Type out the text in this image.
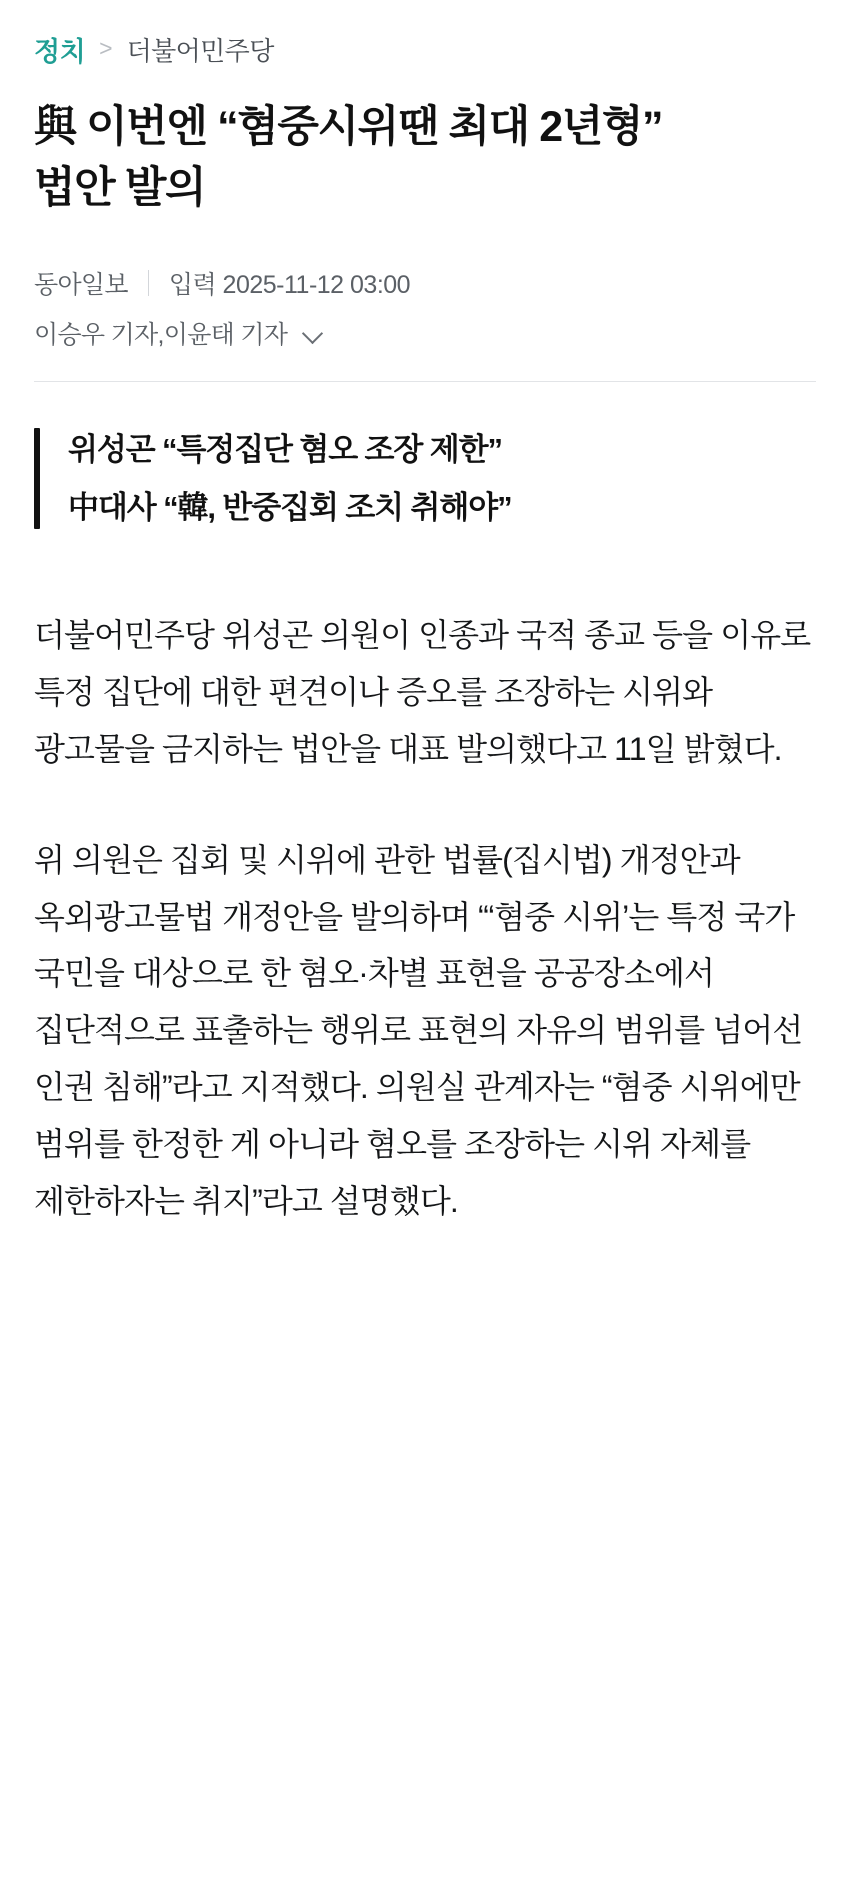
정치 > 더불어민주당
與 이번엔 “혐중시위땐 최대 2년형” 법안 발의
동아일보 입력 2025-11-12 03:00
이승우 기자,이윤태 기자
위성곤 “특정집단 혐오 조장 제한”
中대사 “韓, 반중집회 조치 취해야”

더불어민주당 위성곤 의원이 인종과 국적 종교 등을 이유로 특정 집단에 대한 편견이나 증오를 조장하는 시위와 광고물을 금지하는 법안을 대표 발의했다고 11일 밝혔다.

위 의원은 집회 및 시위에 관한 법률(집시법) 개정안과 옥외광고물법 개정안을 발의하며 “‘혐중 시위’는 특정 국가 국민을 대상으로 한 혐오·차별 표현을 공공장소에서 집단적으로 표출하는 행위로 표현의 자유의 범위를 넘어선 인권 침해”라고 지적했다. 의원실 관계자는 “혐중 시위에만 범위를 한정한 게 아니라 혐오를 조장하는 시위 자체를 제한하자는 취지”라고 설명했다.
